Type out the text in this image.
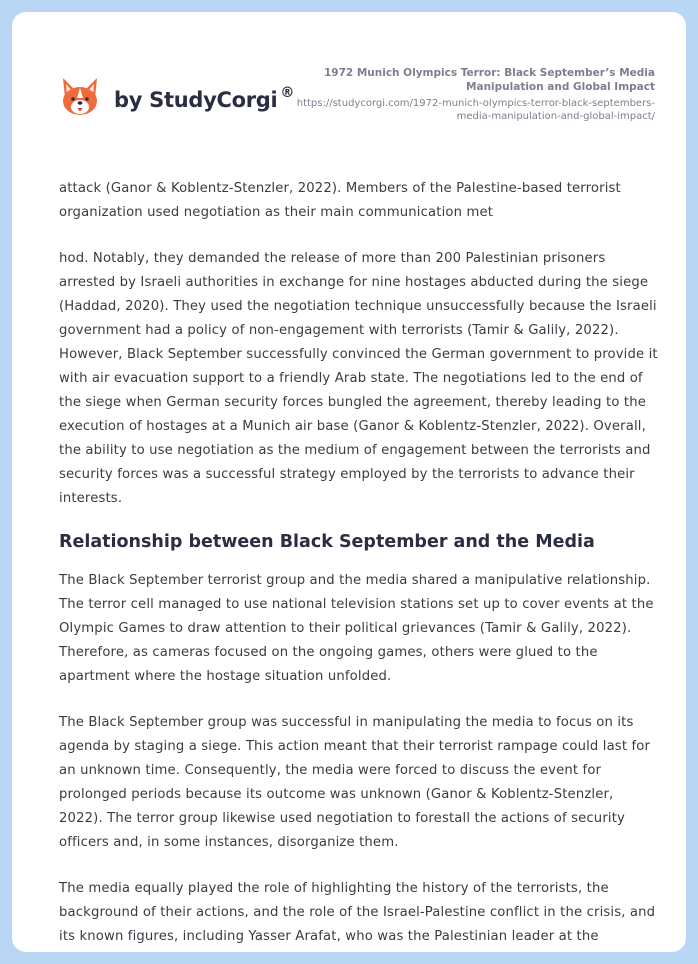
by StudyCorgi ®
1972 Munich Olympics Terror: Black September’s Media Manipulation and Global Impact
https://studycorgi.com/1972-munich-olympics-terror-black-septembers-media-manipulation-and-global-impact/

attack (Ganor & Koblentz-Stenzler, 2022). Members of the Palestine-based terrorist organization used negotiation as their main communication met

hod. Notably, they demanded the release of more than 200 Palestinian prisoners arrested by Israeli authorities in exchange for nine hostages abducted during the siege (Haddad, 2020). They used the negotiation technique unsuccessfully because the Israeli government had a policy of non-engagement with terrorists (Tamir & Galily, 2022). However, Black September successfully convinced the German government to provide it with air evacuation support to a friendly Arab state. The negotiations led to the end of the siege when German security forces bungled the agreement, thereby leading to the execution of hostages at a Munich air base (Ganor & Koblentz-Stenzler, 2022). Overall, the ability to use negotiation as the medium of engagement between the terrorists and security forces was a successful strategy employed by the terrorists to advance their interests.

Relationship between Black September and the Media

The Black September terrorist group and the media shared a manipulative relationship. The terror cell managed to use national television stations set up to cover events at the Olympic Games to draw attention to their political grievances (Tamir & Galily, 2022). Therefore, as cameras focused on the ongoing games, others were glued to the apartment where the hostage situation unfolded.

The Black September group was successful in manipulating the media to focus on its agenda by staging a siege. This action meant that their terrorist rampage could last for an unknown time. Consequently, the media were forced to discuss the event for prolonged periods because its outcome was unknown (Ganor & Koblentz-Stenzler, 2022). The terror group likewise used negotiation to forestall the actions of security officers and, in some instances, disorganize them.

The media equally played the role of highlighting the history of the terrorists, the background of their actions, and the role of the Israel-Palestine conflict in the crisis, and its known figures, including Yasser Arafat, who was the Palestinian leader at the
